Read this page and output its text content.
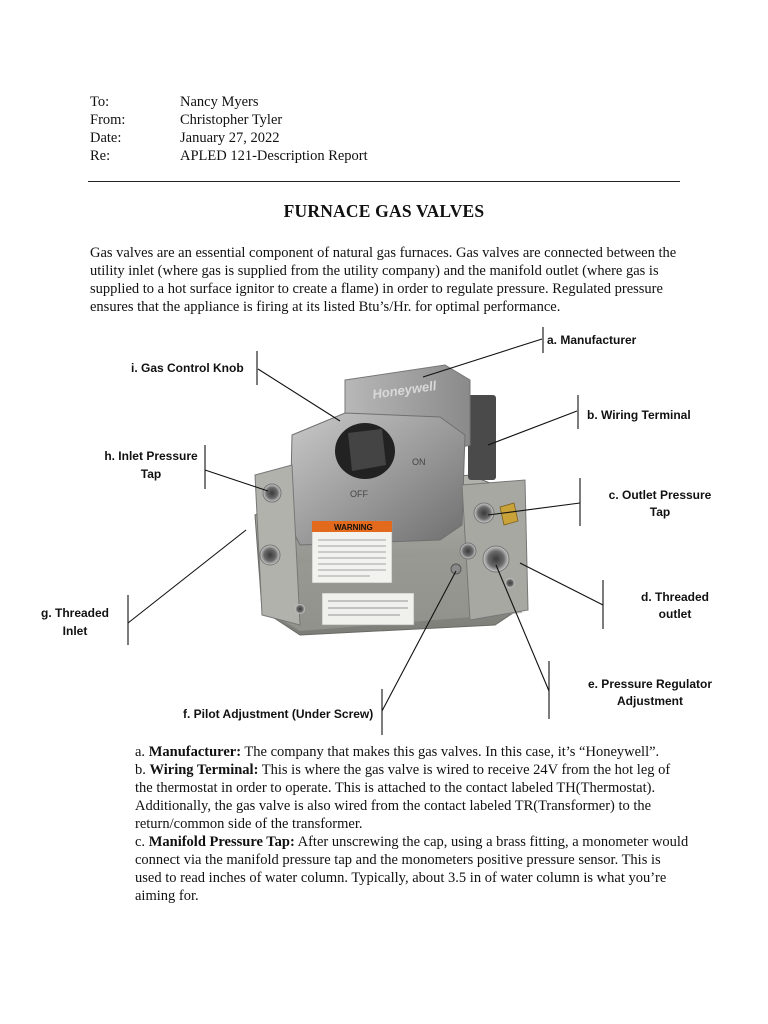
To:	Nancy Myers
From:	Christopher Tyler
Date:	January 27, 2022
Re:	APLED 121-Description Report
FURNACE GAS VALVES

Gas valves are an essential component of natural gas furnaces. Gas valves are connected between the utility inlet (where gas is supplied from the utility company) and the manifold outlet (where gas is supplied to a hot surface ignitor to create a flame) in order to regulate pressure. Regulated pressure ensures that the appliance is firing at its listed Btu’s/Hr. for optimal performance.

Honeywell
ON
OFF
WARNING
a. Manufacturer
i. Gas Control Knob
b. Wiring Terminal
h. Inlet Pressure
Tap
c. Outlet Pressure
Tap
d. Threaded
outlet
g. Threaded
Inlet
e. Pressure Regulator
Adjustment
f. Pilot Adjustment (Under Screw)

a. Manufacturer: The company that makes this gas valves. In this case, it’s “Honeywell”.

b. Wiring Terminal: This is where the gas valve is wired to receive 24V from the hot leg of the thermostat in order to operate. This is attached to the contact labeled TH(Thermostat). Additionally, the gas valve is also wired from the contact labeled TR(Transformer) to the return/common side of the transformer.

c. Manifold Pressure Tap: After unscrewing the cap, using a brass fitting, a monometer would connect via the manifold pressure tap and the monometers positive pressure sensor. This is used to read inches of water column. Typically, about 3.5 in of water column is what you’re aiming for.
